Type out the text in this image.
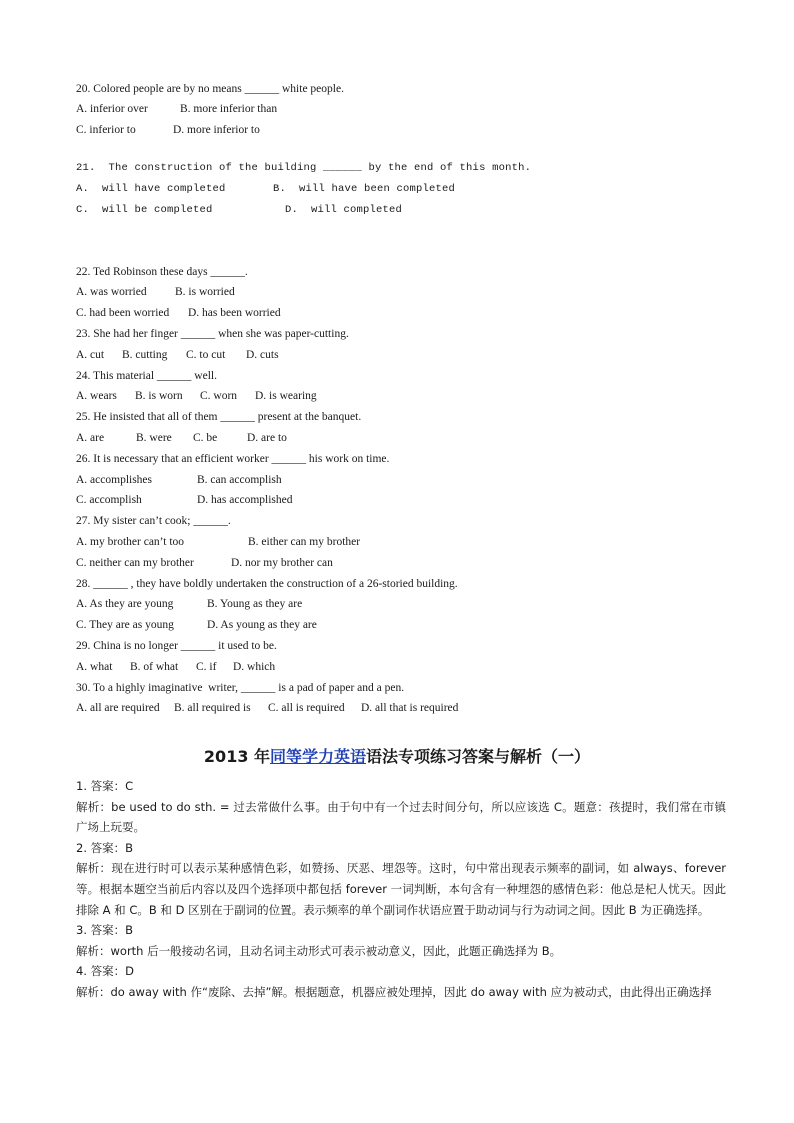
20. Colored people are by no means ______ white people.
A. inferior over	B. more inferior than
C. inferior to	D. more inferior to
21.  The construction of the building ______ by the end of this month.
A.  will have completed	B.  will have been completed
C.  will be completed	D.  will completed
22. Ted Robinson these days ______.
A. was worried B. is worried
C. had been worried D. has been worried
23. She had her finger ______ when she was paper-cutting.
A. cut B. cutting C. to cut D. cuts
24. This material ______ well.
A. wears B. is worn C. worn D. is wearing
25. He insisted that all of them ______ present at the banquet.
A. are	B. were C. be	D. are to
26. It is necessary that an efficient worker ______ his work on time.
A. accomplishes	B. can accomplish
C. accomplish	D. has accomplished
27. My sister can’t cook; ______.
A. my brother can’t too	B. either can my brother
C. neither can my brother	D. nor my brother can
28. ______ , they have boldly undertaken the construction of a 26-storied building.
A. As they are young	B. Young as they are
C. They are as young	D. As young as they are
29. China is no longer ______ it used to be.
A. what B. of what C. if D. which
30. To a highly imaginative  writer, ______ is a pad of paper and a pen.
A. all are required B. all required is C. all is required D. all that is required
2013 年同等学力英语语法专项练习答案与解析（一）

1. 答案：C

解析：be used to do sth. = 过去常做什么事。由于句中有一个过去时间分句，所以应该选 C。题意：孩提时，我们常在市镇广场上玩耍。

2. 答案：B

解析：现在进行时可以表示某种感情色彩，如赞扬、厌恶、埋怨等。这时，句中常出现表示频率的副词，如 always、forever 等。根据本题空当前后内容以及四个选择项中都包括 forever 一词判断，本句含有一种埋怨的感情色彩：他总是杞人忧天。因此排除 A 和 C。B 和 D 区别在于副词的位置。表示频率的单个副词作状语应置于助动词与行为动词之间。因此 B 为正确选择。

3. 答案：B

解析：worth 后一般接动名词，且动名词主动形式可表示被动意义，因此，此题正确选择为 B。

4. 答案：D

解析：do away with 作“废除、去掉”解。根据题意，机器应被处理掉，因此 do away with 应为被动式，由此得出正确选择
